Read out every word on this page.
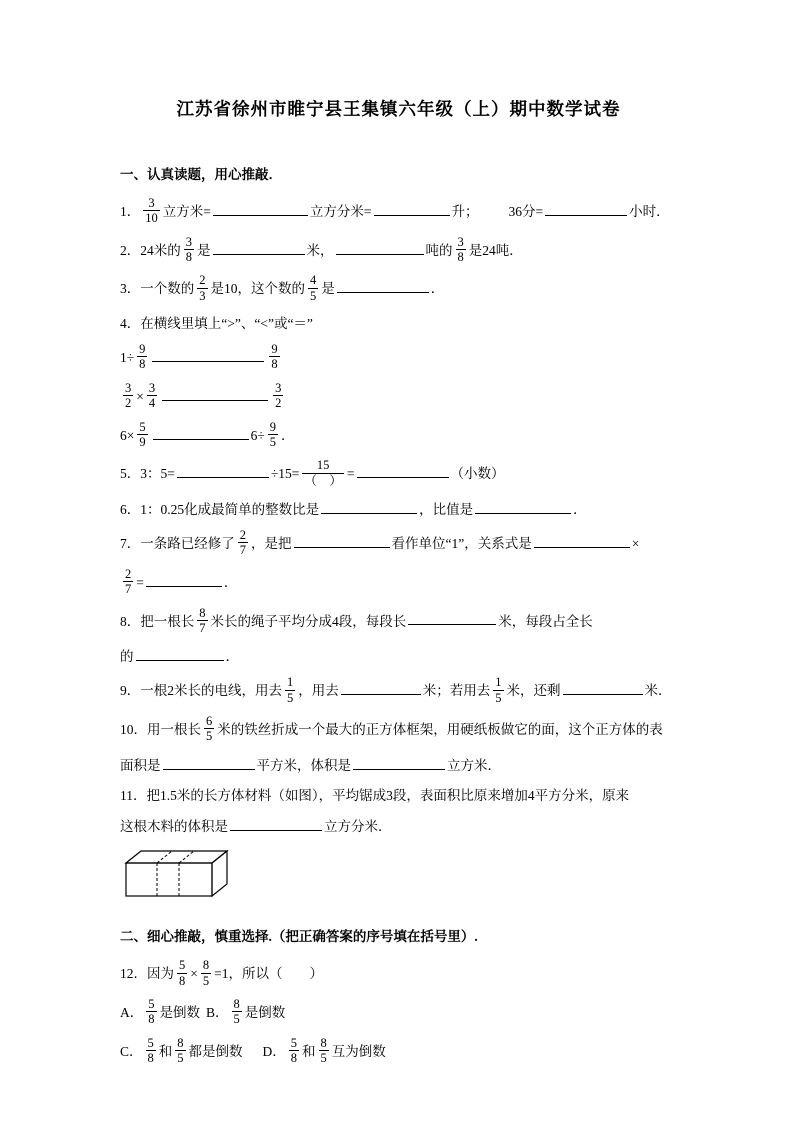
江苏省徐州市睢宁县王集镇六年级（上）期中数学试卷
一、认真读题，用心推敲．
1． $\frac{3}{10}$ 立方米=	立方分米=	升； 36分=	小时．
2．24米的 $\frac{3}{8}$ 是	米，	吨的 $\frac{3}{8}$ 是24吨．
3．一个数的 $\frac{2}{3}$ 是10，这个数的 $\frac{4}{5}$ 是	．
4．在横线里填上“>”、“<”或“＝”
$1\div \frac{9}{8}$	$\frac{9}{8}$
$\frac{3}{2} \times \frac{3}{4}$	$\frac{3}{2}$
$6\times \frac{5}{9}$	$6\div \frac{9}{5}$ ．
5．3：5=	$\div 15= \frac{15}{( )}$ =	（小数）
6．1：0.25化成最简单的整数比是	，比值是	．
7．一条路已经修了 $\frac{2}{7}$ ，是把	看作单位“1”，关系式是	×
$\frac{2}{7}$ =	．
8．把一根长 $\frac{8}{7}$ 米长的绳子平均分成4段，每段长	米，每段占全长
的	．
9．一根2米长的电线，用去 $\frac{1}{5}$ ，用去	米；若用去 $\frac{1}{5}$ 米，还剩	米．
10．用一根长 $\frac{6}{5}$ 米的铁丝折成一个最大的正方体框架，用硬纸板做它的面，这个正方体的表
面积是	平方米，体积是	立方米．
11．把1.5米的长方体材料（如图），平均锯成3段，表面积比原来增加4平方分米，原来
这根木料的体积是	立方分米．
二、细心推敲，慎重选择.（把正确答案的序号填在括号里）.
12．因为 $\frac{5}{8} \times \frac{8}{5} =1$，所以（　　）
A． $\frac{5}{8}$ 是倒数 B． $\frac{8}{5}$ 是倒数
C． $\frac{5}{8}$ 和 $\frac{8}{5}$ 都是倒数 D． $\frac{5}{8}$ 和 $\frac{8}{5}$ 互为倒数
